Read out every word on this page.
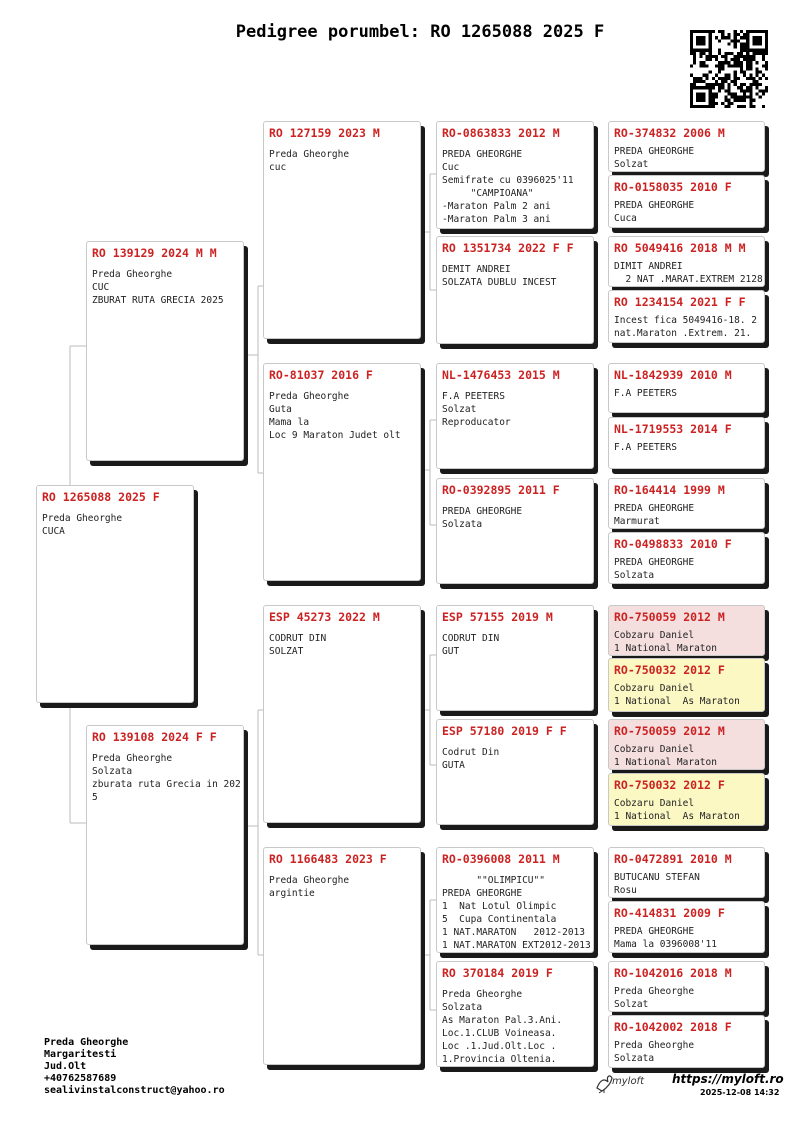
Pedigree porumbel: RO 1265088 2025 F
RO 1265088 2025 F
Preda Gheorghe
CUCA
RO 139129 2024 M M
Preda Gheorghe
CUC
ZBURAT RUTA GRECIA 2025
RO 139108 2024 F F
Preda Gheorghe
Solzata
zburata ruta Grecia in 202
5
RO 127159 2023 M
Preda Gheorghe
cuc
RO-81037 2016 F
Preda Gheorghe
Guta
Mama la
Loc 9 Maraton Judet olt
ESP 45273 2022 M
CODRUT DIN
SOLZAT
RO 1166483 2023 F
Preda Gheorghe
argintie
RO-0863833 2012 M
PREDA GHEORGHE
Cuc
Semifrate cu 0396025'11
"CAMPIOANA"
-Maraton Palm 2 ani
-Maraton Palm 3 ani
RO 1351734 2022 F F
DEMIT ANDREI
SOLZATA DUBLU INCEST
NL-1476453 2015 M
F.A PEETERS
Solzat
Reproducator
RO-0392895 2011 F
PREDA GHEORGHE
Solzata
ESP 57155 2019 M
CODRUT DIN
GUT
ESP 57180 2019 F F
Codrut Din
GUTA
RO-0396008 2011 M
""OLIMPICU""
PREDA GHEORGHE
1  Nat Lotul Olimpic
5  Cupa Continentala
1 NAT.MARATON   2012-2013
1 NAT.MARATON EXT2012-2013
RO 370184 2019 F
Preda Gheorghe
Solzata
As Maraton Pal.3.Ani.
Loc.1.CLUB Voineasa.
Loc .1.Jud.Olt.Loc .
1.Provincia Oltenia.
RO-374832 2006 M
PREDA GHEORGHE
Solzat
RO-0158035 2010 F
PREDA GHEORGHE
Cuca
RO 5049416 2018 M M
DIMIT ANDREI
2 NAT .MARAT.EXTREM 2128
RO 1234154 2021 F F
Incest fica 5049416-18. 2
nat.Maraton .Extrem. 21.
NL-1842939 2010 M
F.A PEETERS
NL-1719553 2014 F
F.A PEETERS
RO-164414 1999 M
PREDA GHEORGHE
Marmurat
RO-0498833 2010 F
PREDA GHEORGHE
Solzata
RO-750059 2012 M
Cobzaru Daniel
1 National Maraton
RO-750032 2012 F
Cobzaru Daniel
1 National  As Maraton
RO-750059 2012 M
Cobzaru Daniel
1 National Maraton
RO-750032 2012 F
Cobzaru Daniel
1 National  As Maraton
RO-0472891 2010 M
BUTUCANU STEFAN
Rosu
RO-414831 2009 F
PREDA GHEORGHE
Mama la 0396008'11
RO-1042016 2018 M
Preda Gheorghe
Solzat
RO-1042002 2018 F
Preda Gheorghe
Solzata
myloft https://myloft.ro
2025-12-08 14:32
Preda Gheorghe
Margaritesti
Jud.Olt
+40762587689
sealivinstalconstruct@yahoo.ro
